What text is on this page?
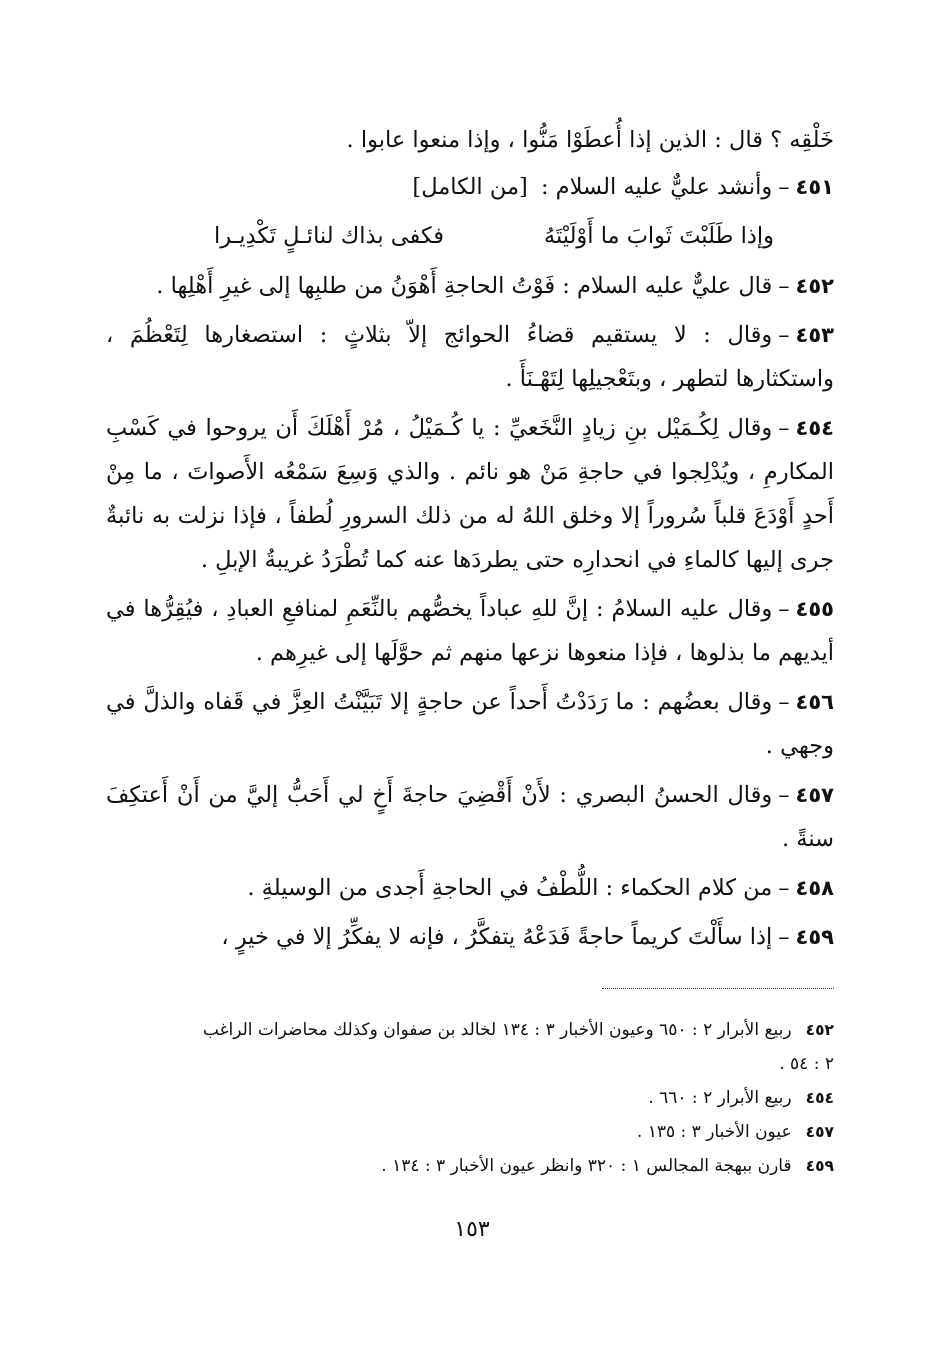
خَلْقِه ؟ قال : الذين إذا أُعطَوْا مَنُّوا ، وإذا منعوا عابوا .

٤٥١–وأنشد عليٌّ عليه السلام : [من الكامل]

وإذا طَلَبْتَ ثَوابَ ما أَوْلَيْتَهُ
فكفى بذاك لنائـلٍ تَكْدِيـرا

٤٥٢–قال عليٌّ عليه السلام : فَوْتُ الحاجةِ أَهْوَنُ من طلبِها إلى غيرِ أَهْلِها .

٤٥٣–وقال : لا يستقيم قضاءُ الحوائج إلاّ بثلاثٍ : استصغارها لِتَعْظُمَ ، واستكثارها لتطهر ، وبتَعْجيلِها لِتَهْـنَأَ .

٤٥٤–وقال لِكُـمَيْل بنِ زيادٍ النَّخَعيِّ : يا كُـمَيْلُ ، مُرْ أَهْلَكَ أَن يروحوا في كَسْبِ المكارمِ ، ويُدْلِجوا في حاجةِ مَنْ هو نائم . والذي وَسِعَ سَمْعُه الأَصواتَ ، ما مِنْ أَحدٍ أَوْدَعَ قلباً سُروراً إلا وخلق اللهُ له من ذلك السرورِ لُطفاً ، فإذا نزلت به نائبةٌ جرى إليها كالماءِ في انحدارِه حتى يطردَها عنه كما تُطْرَدُ غريبةُ الإبلِ .

٤٥٥–وقال عليه السلامُ : إنَّ للهِ عباداً يخصُّهم بالنِّعَمِ لمنافعِ العبادِ ، فيُقِرُّها في أيديهم ما بذلوها ، فإذا منعوها نزعها منهم ثم حوَّلَها إلى غيرِهم .

٤٥٦–وقال بعضُهم : ما رَدَدْتُ أَحداً عن حاجةٍ إلا تَبَيَّنْتُ العِزَّ في قَفاه والذلَّ في وجهي .

٤٥٧–وقال الحسنُ البصري : لأَنْ أَقْضِيَ حاجةَ أَخٍ لي أَحَبُّ إليَّ من أَنْ أَعتكِفَ سنةً .

٤٥٨–من كلام الحكماء : اللُّطْفُ في الحاجةِ أَجدى من الوسيلةِ .

٤٥٩–إذا سأَلْتَ كريماً حاجةً فَدَعْهُ يتفكَّرُ ، فإنه لا يفكِّرُ إلا في خيرٍ ،

٤٥٢ربيع الأبرار ٢ : ٦٥٠ وعيون الأخبار ٣ : ١٣٤ لخالد بن صفوان وكذلك محاضرات الراغب

٢ : ٥٤ .

٤٥٤ربيع الأبرار ٢ : ٦٦٠ .

٤٥٧عيون الأخبار ٣ : ١٣٥ .

٤٥٩قارن ببهجة المجالس ١ : ٣٢٠ وانظر عيون الأخبار ٣ : ١٣٤ .

١٥٣
